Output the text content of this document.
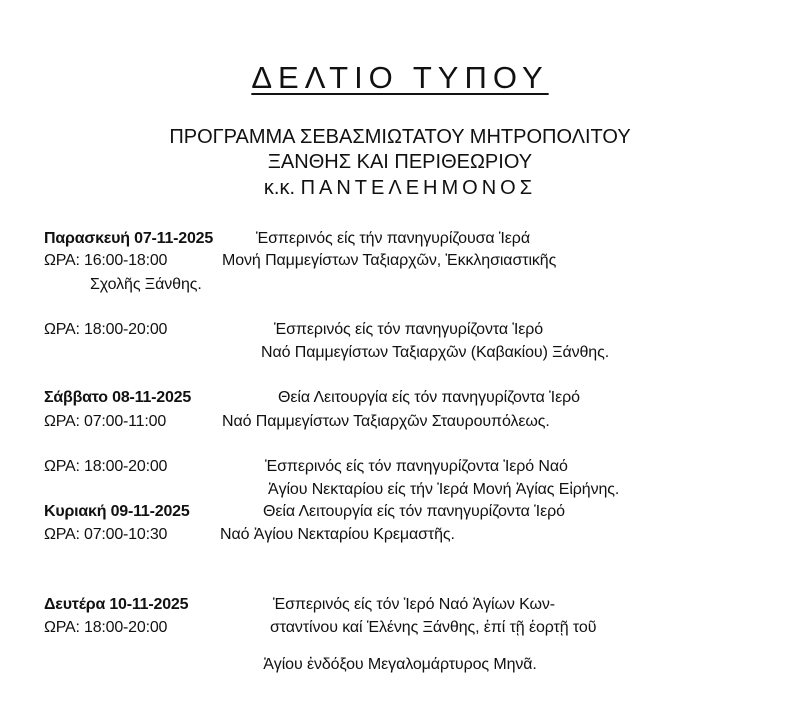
ΔΕΛΤΙΟ ΤΥΠΟΥ
ΠΡΟΓΡΑΜΜΑ ΣΕΒΑΣΜΙΩΤΑΤΟΥ ΜΗΤΡΟΠΟΛΙΤΟΥ
ΞΑΝΘΗΣ ΚΑΙ ΠΕΡΙΘΕΩΡΙΟΥ
κ.κ. ΠΑΝΤΕΛΕΗΜΟΝΟΣ
Παρασκευή 07-11-2025	Ἑσπερινός είς τήν πανηγυρίζουσα Ἱερά
ΩΡΑ: 16:00-18:00	Μονή Παμμεγίστων Ταξιαρχῶν, Ἐκκλησιαστικῆς
Σχολῆς Ξάνθης.
ΩΡΑ: 18:00-20:00	Ἑσπερινός είς τόν πανηγυρίζοντα Ἱερό
Ναό Παμμεγίστων Ταξιαρχῶν (Καβακίου) Ξάνθης.
Σάββατο 08-11-2025	Θεία Λειτουργία είς τόν πανηγυρίζοντα Ἱερό
ΩΡΑ: 07:00-11:00	Ναό Παμμεγίστων Ταξιαρχῶν Σταυρουπόλεως.
ΩΡΑ: 18:00-20:00	Ἑσπερινός είς τόν πανηγυρίζοντα Ἱερό Ναό
Ἁγίου Νεκταρίου είς τήν Ἱερά Μονή Ἁγίας Εἰρήνης.
Κυριακή 09-11-2025	Θεία Λειτουργία είς τόν πανηγυρίζοντα Ἱερό
ΩΡΑ: 07:00-10:30	Ναό Ἁγίου Νεκταρίου Κρεμαστῆς.
Δευτέρα 10-11-2025	Ἑσπερινός είς τόν Ἱερό Ναό Ἁγίων Κων-
ΩΡΑ: 18:00-20:00	σταντίνου καί Ἑλένης Ξάνθης, ἐπί τῇ ἑορτῇ τοῦ
Ἁγίου ἐνδόξου Μεγαλομάρτυρος Μηνᾶ.
